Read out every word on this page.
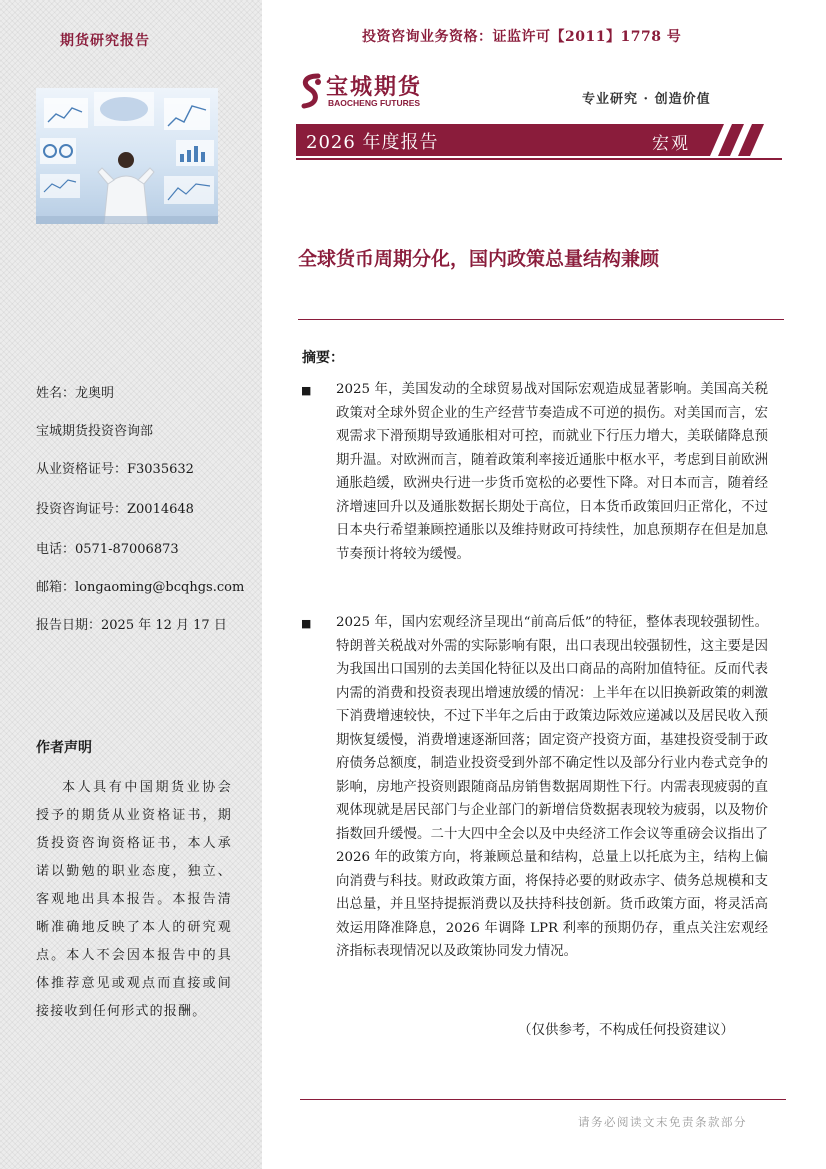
期货研究报告
姓名：龙奥明
宝城期货投资咨询部
从业资格证号：F3035632
投资咨询证号：Z0014648
电话：0571-87006873
邮箱：longaoming@bcqhgs.com
报告日期：2025 年 12 月 17 日
作者声明
本人具有中国期货业协会授予的期货从业资格证书，期货投资咨询资格证书，本人承诺以勤勉的职业态度，独立、客观地出具本报告。本报告清晰准确地反映了本人的研究观点。本人不会因本报告中的具体推荐意见或观点而直接或间接接收到任何形式的报酬。
投资咨询业务资格：证监许可【2011】1778 号
宝城期货
BAOCHENG FUTURES	专业研究 · 创造价值
2026 年度报告	宏观
全球货币周期分化，国内政策总量结构兼顾
摘要：
■ 2025 年，美国发动的全球贸易战对国际宏观造成显著影响。美国高关税政策对全球外贸企业的生产经营节奏造成不可逆的损伤。对美国而言，宏观需求下滑预期导致通胀相对可控，而就业下行压力增大，美联储降息预期升温。对欧洲而言，随着政策利率接近通胀中枢水平，考虑到目前欧洲通胀趋缓，欧洲央行进一步货币宽松的必要性下降。对日本而言，随着经济增速回升以及通胀数据长期处于高位，日本货币政策回归正常化，不过日本央行希望兼顾控通胀以及维持财政可持续性，加息预期存在但是加息节奏预计将较为缓慢。
■ 2025 年，国内宏观经济呈现出“前高后低”的特征，整体表现较强韧性。特朗普关税战对外需的实际影响有限，出口表现出较强韧性，这主要是因为我国出口国别的去美国化特征以及出口商品的高附加值特征。反而代表内需的消费和投资表现出增速放缓的情况：上半年在以旧换新政策的刺激下消费增速较快，不过下半年之后由于政策边际效应递减以及居民收入预期恢复缓慢，消费增速逐渐回落；固定资产投资方面，基建投资受制于政府债务总额度，制造业投资受到外部不确定性以及部分行业内卷式竞争的影响，房地产投资则跟随商品房销售数据周期性下行。内需表现疲弱的直观体现就是居民部门与企业部门的新增信贷数据表现较为疲弱，以及物价指数回升缓慢。二十大四中全会以及中央经济工作会议等重磅会议指出了 2026 年的政策方向，将兼顾总量和结构，总量上以托底为主，结构上偏向消费与科技。财政政策方面，将保持必要的财政赤字、债务总规模和支出总量，并且坚持提振消费以及扶持科技创新。货币政策方面，将灵活高效运用降准降息，2026 年调降 LPR 利率的预期仍存，重点关注宏观经济指标表现情况以及政策协同发力情况。
（仅供参考，不构成任何投资建议）
请务必阅读文末免责条款部分
